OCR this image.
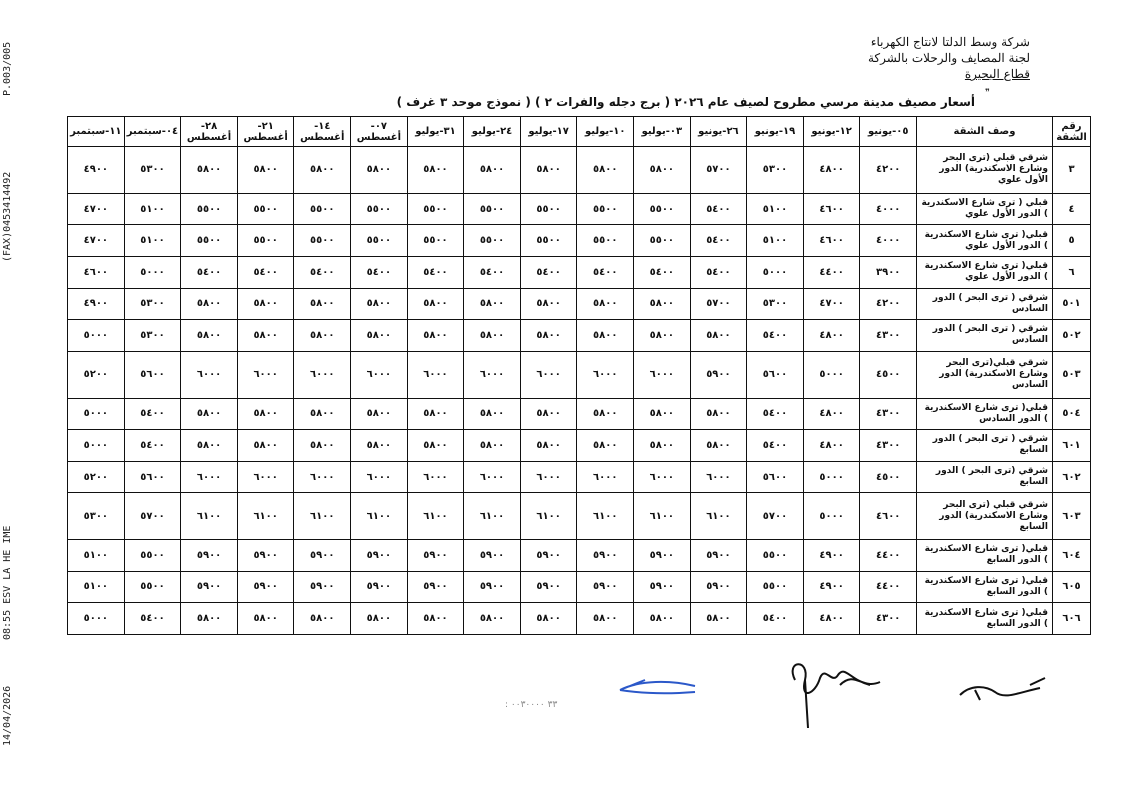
P.003/005
(FAX)0453414492
08:55 ESV LA HE IME
14/04/2026
شركة وسط الدلتا لانتاج الكهرباء
لجنة المصايف والرحلات بالشركة
قطاع البحيرة
❞
أسعار مصيف مدينة مرسي مطروح لصيف عام ٢٠٢٦ ( برج دجله والفرات ٢ ) ( نموذج موحد ٣ غرف )
رقم الشقة	وصف الشقة	٠٥-يونيو	١٢-يونيو	١٩-يونيو	٢٦-يونيو	٠٣-يوليو	١٠-يوليو	١٧-يوليو	٢٤-يوليو	٣١-يوليو	٠٧-أغسطس	١٤-أغسطس	٢١-أغسطس	٢٨-أغسطس	٠٤-سبتمبر	١١-سبتمبر
٣	شرقي قبلي (ترى البحر وشارع الاسكندرية) الدور الأول علوي	٤٢٠٠	٤٨٠٠	٥٣٠٠	٥٧٠٠	٥٨٠٠	٥٨٠٠	٥٨٠٠	٥٨٠٠	٥٨٠٠	٥٨٠٠	٥٨٠٠	٥٨٠٠	٥٨٠٠	٥٣٠٠	٤٩٠٠
٤	قبلي ( ترى شارع الاسكندرية ) الدور الأول علوي	٤٠٠٠	٤٦٠٠	٥١٠٠	٥٤٠٠	٥٥٠٠	٥٥٠٠	٥٥٠٠	٥٥٠٠	٥٥٠٠	٥٥٠٠	٥٥٠٠	٥٥٠٠	٥٥٠٠	٥١٠٠	٤٧٠٠
٥	قبلي( ترى شارع الاسكندرية ) الدور الأول علوي	٤٠٠٠	٤٦٠٠	٥١٠٠	٥٤٠٠	٥٥٠٠	٥٥٠٠	٥٥٠٠	٥٥٠٠	٥٥٠٠	٥٥٠٠	٥٥٠٠	٥٥٠٠	٥٥٠٠	٥١٠٠	٤٧٠٠
٦	قبلي( ترى شارع الاسكندرية ) الدور الأول علوي	٣٩٠٠	٤٤٠٠	٥٠٠٠	٥٤٠٠	٥٤٠٠	٥٤٠٠	٥٤٠٠	٥٤٠٠	٥٤٠٠	٥٤٠٠	٥٤٠٠	٥٤٠٠	٥٤٠٠	٥٠٠٠	٤٦٠٠
٥٠١	شرقي ( ترى البحر ) الدور السادس	٤٢٠٠	٤٧٠٠	٥٣٠٠	٥٧٠٠	٥٨٠٠	٥٨٠٠	٥٨٠٠	٥٨٠٠	٥٨٠٠	٥٨٠٠	٥٨٠٠	٥٨٠٠	٥٨٠٠	٥٣٠٠	٤٩٠٠
٥٠٢	شرقي ( ترى البحر ) الدور السادس	٤٣٠٠	٤٨٠٠	٥٤٠٠	٥٨٠٠	٥٨٠٠	٥٨٠٠	٥٨٠٠	٥٨٠٠	٥٨٠٠	٥٨٠٠	٥٨٠٠	٥٨٠٠	٥٨٠٠	٥٣٠٠	٥٠٠٠
٥٠٣	شرقي قبلي(ترى البحر وشارع الاسكندرية) الدور السادس	٤٥٠٠	٥٠٠٠	٥٦٠٠	٥٩٠٠	٦٠٠٠	٦٠٠٠	٦٠٠٠	٦٠٠٠	٦٠٠٠	٦٠٠٠	٦٠٠٠	٦٠٠٠	٦٠٠٠	٥٦٠٠	٥٢٠٠
٥٠٤	قبلي( ترى شارع الاسكندرية ) الدور السادس	٤٣٠٠	٤٨٠٠	٥٤٠٠	٥٨٠٠	٥٨٠٠	٥٨٠٠	٥٨٠٠	٥٨٠٠	٥٨٠٠	٥٨٠٠	٥٨٠٠	٥٨٠٠	٥٨٠٠	٥٤٠٠	٥٠٠٠
٦٠١	شرقي ( ترى البحر ) الدور السابع	٤٣٠٠	٤٨٠٠	٥٤٠٠	٥٨٠٠	٥٨٠٠	٥٨٠٠	٥٨٠٠	٥٨٠٠	٥٨٠٠	٥٨٠٠	٥٨٠٠	٥٨٠٠	٥٨٠٠	٥٤٠٠	٥٠٠٠
٦٠٢	شرقي (ترى البحر ) الدور السابع	٤٥٠٠	٥٠٠٠	٥٦٠٠	٦٠٠٠	٦٠٠٠	٦٠٠٠	٦٠٠٠	٦٠٠٠	٦٠٠٠	٦٠٠٠	٦٠٠٠	٦٠٠٠	٦٠٠٠	٥٦٠٠	٥٢٠٠
٦٠٣	شرقي قبلي (ترى البحر وشارع الاسكندرية) الدور السابع	٤٦٠٠	٥٠٠٠	٥٧٠٠	٦١٠٠	٦١٠٠	٦١٠٠	٦١٠٠	٦١٠٠	٦١٠٠	٦١٠٠	٦١٠٠	٦١٠٠	٦١٠٠	٥٧٠٠	٥٣٠٠
٦٠٤	قبلي( ترى شارع الاسكندرية ) الدور السابع	٤٤٠٠	٤٩٠٠	٥٥٠٠	٥٩٠٠	٥٩٠٠	٥٩٠٠	٥٩٠٠	٥٩٠٠	٥٩٠٠	٥٩٠٠	٥٩٠٠	٥٩٠٠	٥٩٠٠	٥٥٠٠	٥١٠٠
٦٠٥	قبلي( ترى شارع الاسكندرية ) الدور السابع	٤٤٠٠	٤٩٠٠	٥٥٠٠	٥٩٠٠	٥٩٠٠	٥٩٠٠	٥٩٠٠	٥٩٠٠	٥٩٠٠	٥٩٠٠	٥٩٠٠	٥٩٠٠	٥٩٠٠	٥٥٠٠	٥١٠٠
٦٠٦	قبلي( ترى شارع الاسكندرية ) الدور السابع	٤٣٠٠	٤٨٠٠	٥٤٠٠	٥٨٠٠	٥٨٠٠	٥٨٠٠	٥٨٠٠	٥٨٠٠	٥٨٠٠	٥٨٠٠	٥٨٠٠	٥٨٠٠	٥٨٠٠	٥٤٠٠	٥٠٠٠
: ٣٣ ٠٠٣٠٠٠٠
